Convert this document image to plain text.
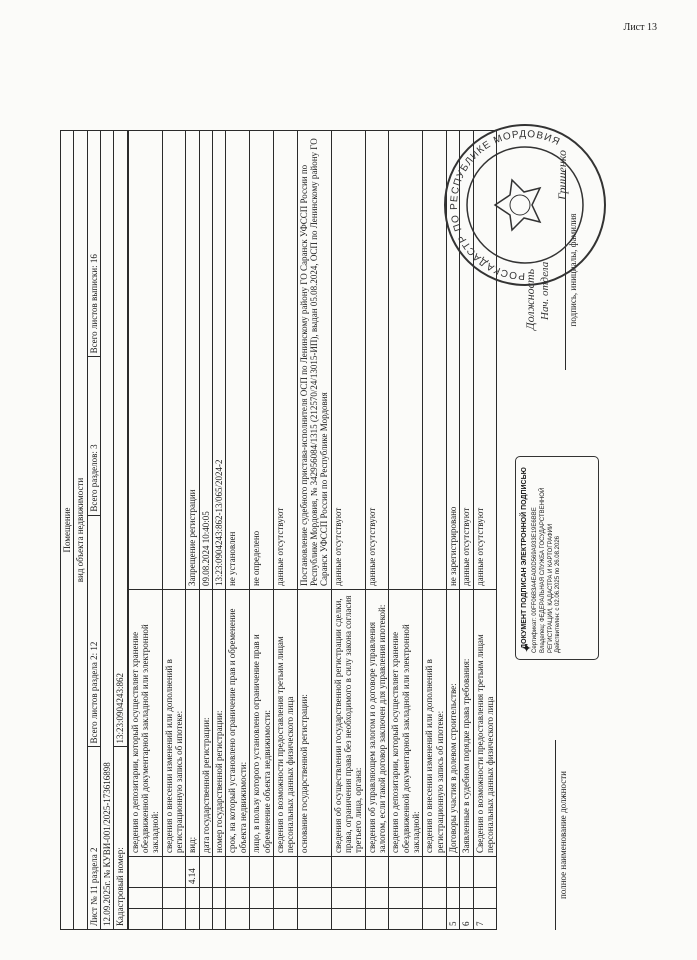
Лист 13
Помещение			
вид объекта недвижимости			
Лист № 11 раздела 2	Всего листов раздела 2: 12	Всего разделов: 3	Всего листов выписки: 16
12.09.2025г. № КУВИ-001/2025-173616898			
Кадастровый номер:	13:23:0904243:862		
			сведения о депозитарии, который осуществляет хранение обездвиженной документарной закладной или электронной закладной:	
			сведения о внесении изменений или дополнений в регистрационную запись об ипотеке:	
		4.14	вид:	Запрещение регистрации
			дата государственной регистрации:	09.08.2024 10:40:05
			номер государственной регистрации:	13:23:0904243:862-13/065/2024-2
			срок, на который установлено ограничение прав и обременение объекта недвижимости:	не установлен
			лицо, в пользу которого установлено ограничение прав и обременение объекта недвижимости:	не определено
			сведения о возможности предоставления третьим лицам персональных данных физического лица	данные отсутствуют
			основание государственной регистрации:	Постановление судебного пристава-исполнителя ОСП по Ленинскому району ГО Саранск УФССП России по Республике Мордовия, № 342956084/1315 (212570/24/13015-ИП), выдан 05.08.2024, ОСП по Ленинскому району ГО Саранск УФССП России по Республике Мордовия
			сведения об осуществлении государственной регистрации сделки, права, ограничения права без необходимого в силу закона согласия третьего лица, органа:	данные отсутствуют
			сведения об управляющем залогом и о договоре управления залогом, если такой договор заключен для управления ипотекой:	данные отсутствуют
			сведения о депозитарии, который осуществляет хранение обездвиженной документарной закладной или электронной закладной:	
			сведения о внесении изменений или дополнений в регистрационную запись об ипотеке:	
5			Договоры участия в долевом строительстве:	не зарегистрировано
6			Заявленные в судебном порядке права требования:	данные отсутствуют
7			Сведения о возможности предоставления третьим лицам персональных данных физического лица	данные отсутствуют
полное наименование должности
✦
ДОКУМЕНТ ПОДПИСАН ЭЛЕКТРОННОЙ ПОДПИСЬЮ Сертификат: 00FF06B3A4EA00D569A933E19E6BBE Владелец: ФЕДЕРАЛЬНАЯ СЛУЖБА ГОСУДАРСТВЕННОЙ РЕГИСТРАЦИИ, КАДАСТРА И КАРТОГРАФИИ Действителен: с 02.06.2025 по 26.08.2026
Должность Нач. отдела	подпись, инициалы, фамилия
Гришенко
РОСКАДАСТР ПО РЕСПУБЛИКЕ МОРДОВИЯ
